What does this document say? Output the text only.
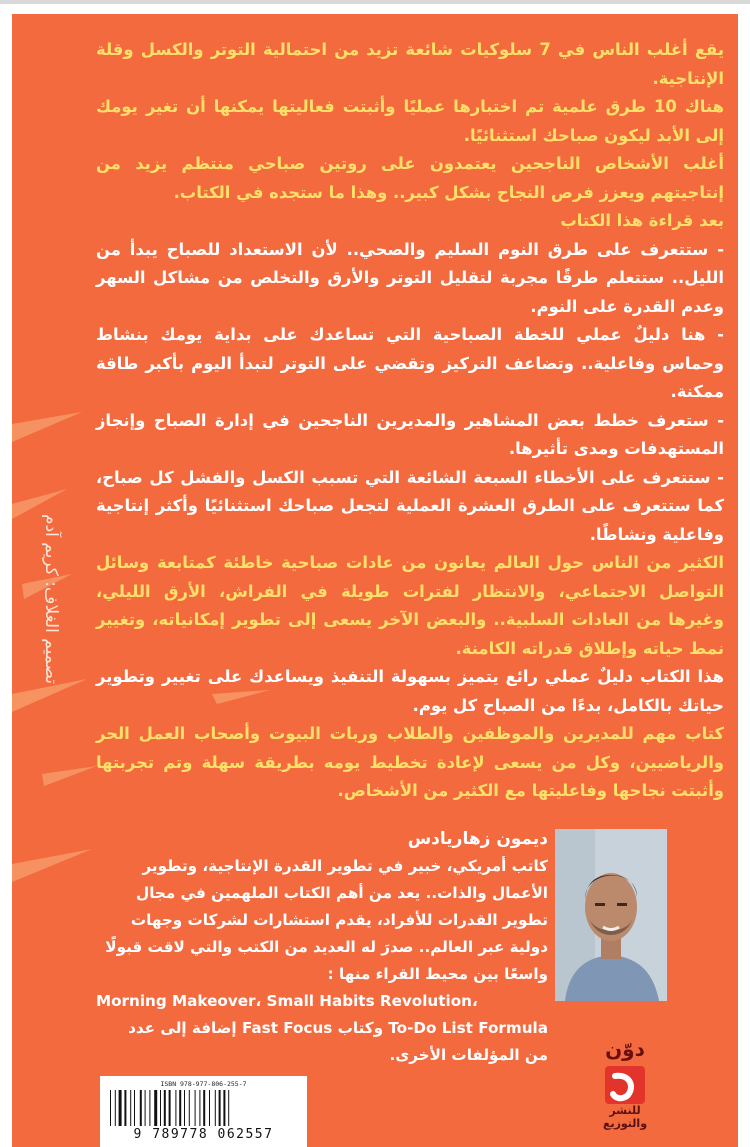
تصميم الغلاف: كريم آدم

يقع أغلب الناس في 7 سلوكيات شائعة تزيد من احتمالية التوتر والكسل وقلة الإنتاجية.

هناك 10 طرق علمية تم اختبارها عمليًا وأثبتت فعاليتها يمكنها أن تغير يومك إلى الأبد ليكون صباحك استثنائيًا.

أغلب الأشخاص الناجحين يعتمدون على روتين صباحي منتظم يزيد من إنتاجيتهم ويعزز فرص النجاح بشكل كبير.. وهذا ما ستجده في الكتاب.

بعد قراءة هذا الكتاب

- ستتعرف على طرق النوم السليم والصحي.. لأن الاستعداد للصباح يبدأ من الليل.. ستتعلم طرقًا مجربة لتقليل التوتر والأرق والتخلص من مشاكل السهر وعدم القدرة على النوم.

- هنا دليلٌ عملي للخطة الصباحية التي تساعدك على بداية يومك بنشاط وحماس وفاعلية.. وتضاعف التركيز وتقضي على التوتر لتبدأ اليوم بأكبر طاقة ممكنة.

- ستعرف خطط بعض المشاهير والمديرين الناجحين في إدارة الصباح وإنجاز المستهدفات ومدى تأثيرها.

- ستتعرف على الأخطاء السبعة الشائعة التي تسبب الكسل والفشل كل صباح، كما ستتعرف على الطرق العشرة العملية لتجعل صباحك استثنائيًا وأكثر إنتاجية وفاعلية ونشاطًا.

الكثير من الناس حول العالم يعانون من عادات صباحية خاطئة كمتابعة وسائل التواصل الاجتماعي، والانتظار لفترات طويلة في الفراش، الأرق الليلي، وغيرها من العادات السلبية.. والبعض الآخر يسعى إلى تطوير إمكانياته، وتغيير نمط حياته وإطلاق قدراته الكامنة.

هذا الكتاب دليلٌ عملي رائع يتميز بسهولة التنفيذ ويساعدك على تغيير وتطوير حياتك بالكامل، بدءًا من الصباح كل يوم.

كتاب مهم للمديرين والموظفين والطلاب وربات البيوت وأصحاب العمل الحر والرياضيين، وكل من يسعى لإعادة تخطيط يومه بطريقة سهلة وتم تجربتها وأثبتت نجاحها وفاعليتها مع الكثير من الأشخاص.

ديمون زهاريادس

كاتب أمريكي، خبير في تطوير القدرة الإنتاجية، وتطوير الأعمال والذات.. يعد من أهم الكتاب الملهمين في مجال تطوير القدرات للأفراد، يقدم استشارات لشركات وجهات دولية عبر العالم.. صدرَ له العديد من الكتب والتي لاقت قبولًا واسعًا بين محيط القراء منها :

Morning Makeover، Small Habits Revolution،

To-Do List Formula وكتاب Fast Focus إضافة إلى عدد

من المؤلفات الأخرى.	دوّن
للنشر والتوزيع
ISBN 978-977-806-255-7
9 789778 062557
